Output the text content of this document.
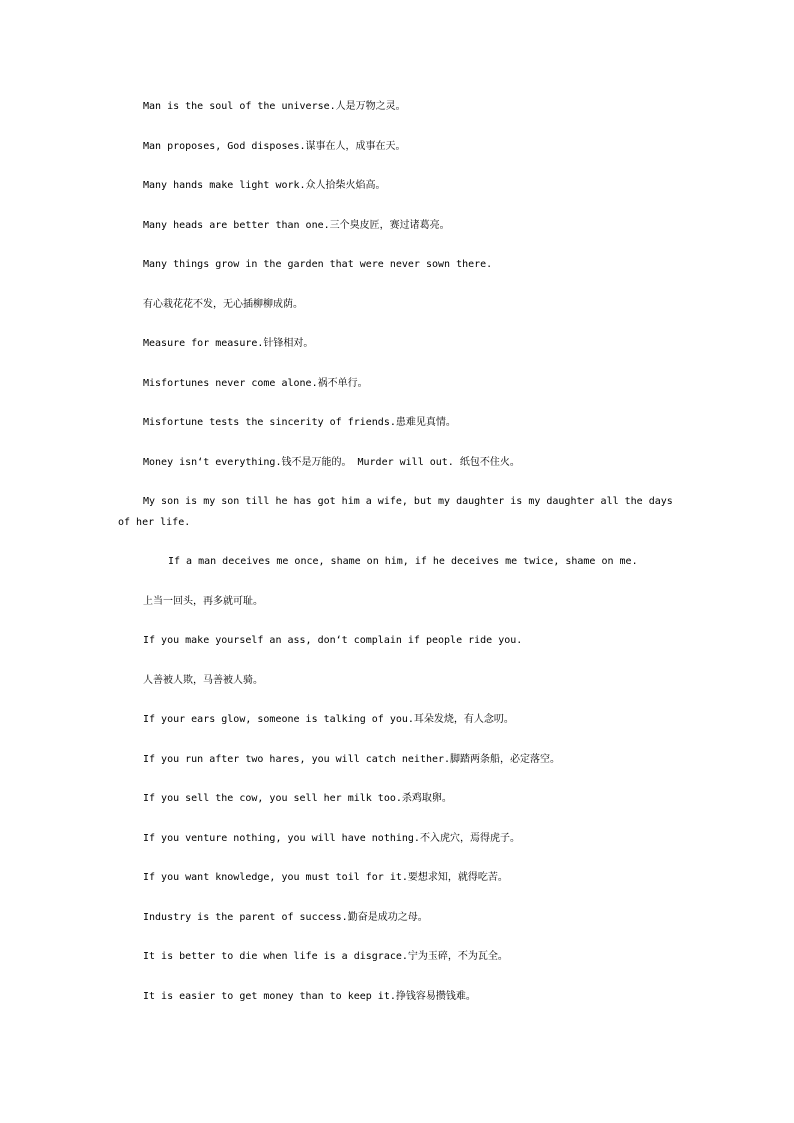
Man is the soul of the universe.人是万物之灵。

Man proposes, God disposes.谋事在人，成事在天。

Many hands make light work.众人拾柴火焰高。

Many heads are better than one.三个臭皮匠，赛过诸葛亮。

Many things grow in the garden that were never sown there.

有心栽花花不发，无心插柳柳成荫。

Measure for measure.针锋相对。

Misfortunes never come alone.祸不单行。

Misfortune tests the sincerity of friends.患难见真情。

Money isn‘t everything.钱不是万能的。 Murder will out. 纸包不住火。

My son is my son till he has got him a wife, but my daughter is my daughter all the days of her life.

If a man deceives me once, shame on him, if he deceives me twice, shame on me.

上当一回头，再多就可耻。

If you make yourself an ass, don‘t complain if people ride you.

人善被人欺，马善被人骑。

If your ears glow, someone is talking of you.耳朵发烧，有人念叨。

If you run after two hares, you will catch neither.脚踏两条船，必定落空。

If you sell the cow, you sell her milk too.杀鸡取卵。

If you venture nothing, you will have nothing.不入虎穴，焉得虎子。

If you want knowledge, you must toil for it.要想求知，就得吃苦。

Industry is the parent of success.勤奋是成功之母。

It is better to die when life is a disgrace.宁为玉碎，不为瓦全。

It is easier to get money than to keep it.挣钱容易攒钱难。
